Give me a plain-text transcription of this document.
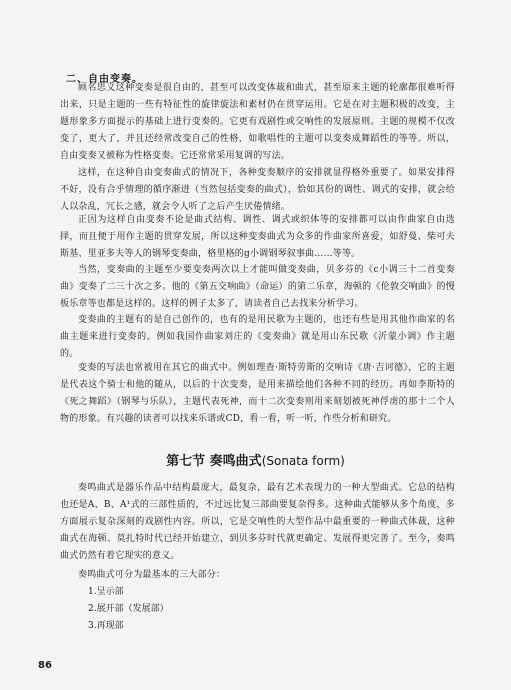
二、自由变奏。

顾名思义这种变奏是很自由的，甚至可以改变体裁和曲式，甚至原来主题的轮廓都很难听得出来，只是主题的一些有特征性的旋律旋法和素材仍在贯穿运用。它是在对主题积极的改变，主题形象多方面提示的基础上进行变奏的。它更有戏剧性或交响性的发展原则。主题的规模不仅改变了，更大了，并且还经常改变自己的性格，如歌唱性的主题可以变奏成舞蹈性的等等。所以，自由变奏又被称为性格变奏。它还常常采用复调的写法。

这样，在这种自由变奏曲式的情况下，各种变奏顺序的安排就显得格外重要了。如果安排得不好，没有合乎情理的循序渐进（当然包括变奏的曲式），恰如其份的调性、调式的安排，就会给人以杂乱，冗长之感，就会令人听了之后产生厌倦情绪。

正因为这样自由变奏不论是曲式结构、调性、调式或织体等的安排都可以由作曲家自由选择，而且便于用作主题的贯穿发展，所以这种变奏曲式为众多的作曲家所喜爱，如舒曼、柴可夫斯基、里亚多夫等人的钢琴变奏曲，格里格的g小调钢琴叙事曲……等等。

当然，变奏曲的主题至少要变奏两次以上才能叫做变奏曲，贝多芬的《c小调三十二首变奏曲》变奏了二三十次之多。他的《第五交响曲》（命运）的第二乐章，海顿的《伦敦交响曲》的慢板乐章等也都是这样的。这样的例子太多了，请读者自己去找来分析学习。

变奏曲的主题有的是自己创作的，也有的是用民歌为主题的，也还有些是用其他作曲家的名曲主题来进行变奏的。例如我国作曲家刘庄的《变奏曲》就是用山东民歌《沂蒙小调》作主题的。

变奏的写法也常被用在其它的曲式中。例如理查·斯特劳斯的交响诗《唐·吉诃德》，它的主题是代表这个骑士和他的随从，以后的十次变奏，是用来描绘他们各种不同的经历。再如李斯特的《死之舞蹈》（钢琴与乐队），主题代表死神，而十二次变奏则用来刻划被死神俘虏的那十二个人物的形象。有兴趣的读者可以找来乐谱或CD，看一看，听一听，作些分析和研究。

第七节 奏鸣曲式(Sonata form)

奏鸣曲式是器乐作品中结构最庞大，最复杂，最有艺术表现力的一种大型曲式。它总的结构也还是A、B、A¹式的三部性质的，不过远比复三部曲要复杂得多。这种曲式能够从多个角度，多方面展示复杂深刻的戏剧性内容。所以，它是交响性的大型作品中最重要的一种曲式体裁，这种曲式在海顿、莫扎特时代已经开始建立，到贝多芬时代就更确定、发展得更完善了。至今，奏鸣曲式仍然有着它现实的意义。

奏鸣曲式可分为最基本的三大部分：

1.呈示部
2.展开部（发展部）
3.再现部
86
